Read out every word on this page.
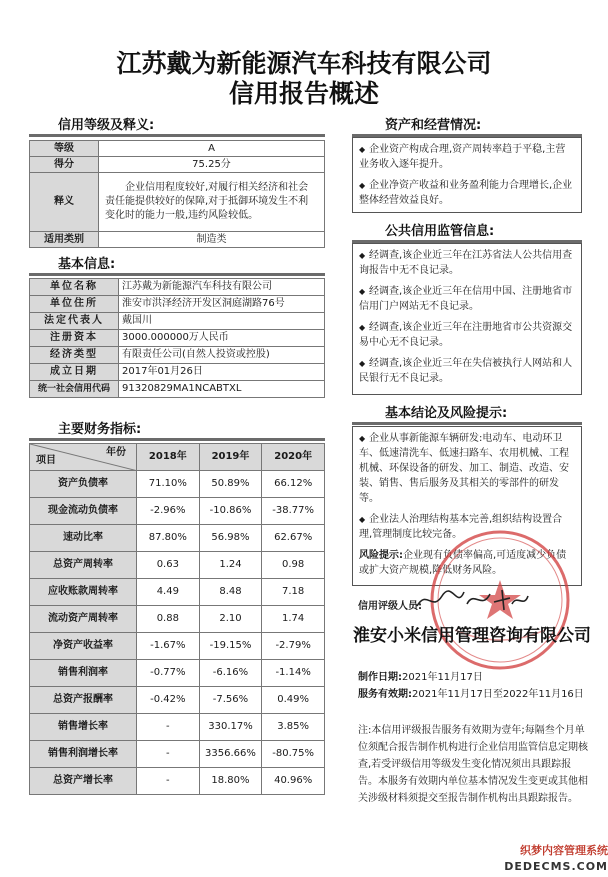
江苏戴为新能源汽车科技有限公司
信用报告概述
信用等级及释义:
等级	A
得分	75.25分
释义	企业信用程度较好,对履行相关经济和社会责任能提供较好的保障,对于抵御环境发生不利变化时的能力一般,违约风险较低。
适用类别	制造类
基本信息:
单位名称	江苏戴为新能源汽车科技有限公司
单位住所	淮安市洪泽经济开发区洞庭湖路76号
法定代表人	戴国川
注册资本	3000.000000万人民币
经济类型	有限责任公司(自然人投资或控股)
成立日期	2017年01月26日
统一社会信用代码	91320829MA1NCABTXL
主要财务指标:
年份
项目	2018年	2019年	2020年
资产负债率	71.10%	50.89%	66.12%
现金流动负债率	-2.96%	-10.86%	-38.77%
速动比率	87.80%	56.98%	62.67%
总资产周转率	0.63	1.24	0.98
应收账款周转率	4.49	8.48	7.18
流动资产周转率	0.88	2.10	1.74
净资产收益率	-1.67%	-19.15%	-2.79%
销售利润率	-0.77%	-6.16%	-1.14%
总资产报酬率	-0.42%	-7.56%	0.49%
销售增长率	-	330.17%	3.85%
销售利润增长率	-	3356.66%	-80.75%
总资产增长率	-	18.80%	40.96%
资产和经营情况:

◆ 企业资产构成合理,资产周转率趋于平稳,主营业务收入逐年提升。

◆ 企业净资产收益和业务盈利能力合理增长,企业整体经营效益良好。

公共信用监管信息:

◆ 经调查,该企业近三年在江苏省法人公共信用查询报告中无不良记录。

◆ 经调查,该企业近三年在信用中国、注册地省市信用门户网站无不良记录。

◆ 经调查,该企业近三年在注册地省市公共资源交易中心无不良记录。

◆ 经调查,该企业近三年在失信被执行人网站和人民银行无不良记录。

基本结论及风险提示:

◆ 企业从事新能源车辆研发:电动车、电动环卫车、低速清洗车、低速扫路车、农用机械、工程机械、环保设备的研发、加工、制造、改造、安装、销售、售后服务及其相关的零部件的研发等。

◆ 企业法人治理结构基本完善,组织结构设置合理,管理制度比较完备。

风险提示:企业现有负债率偏高,可适度减少负债或扩大资产规模,降低财务风险。

信用评级人员:
淮安小米信用管理咨询有限公司
制作日期:2021年11月17日
服务有效期:2021年11月17日至2022年11月16日
注:本信用评级报告服务有效期为壹年;每隔叁个月单位须配合报告制作机构进行企业信用监管信息定期核查,若受评级信用等级发生变化情况须出具跟踪报告。本服务有效期内单位基本情况发生变更或其他相关涉级材料须提交至报告制作机构出具跟踪报告。
织梦内容管理系统
DEDECMS.COM
